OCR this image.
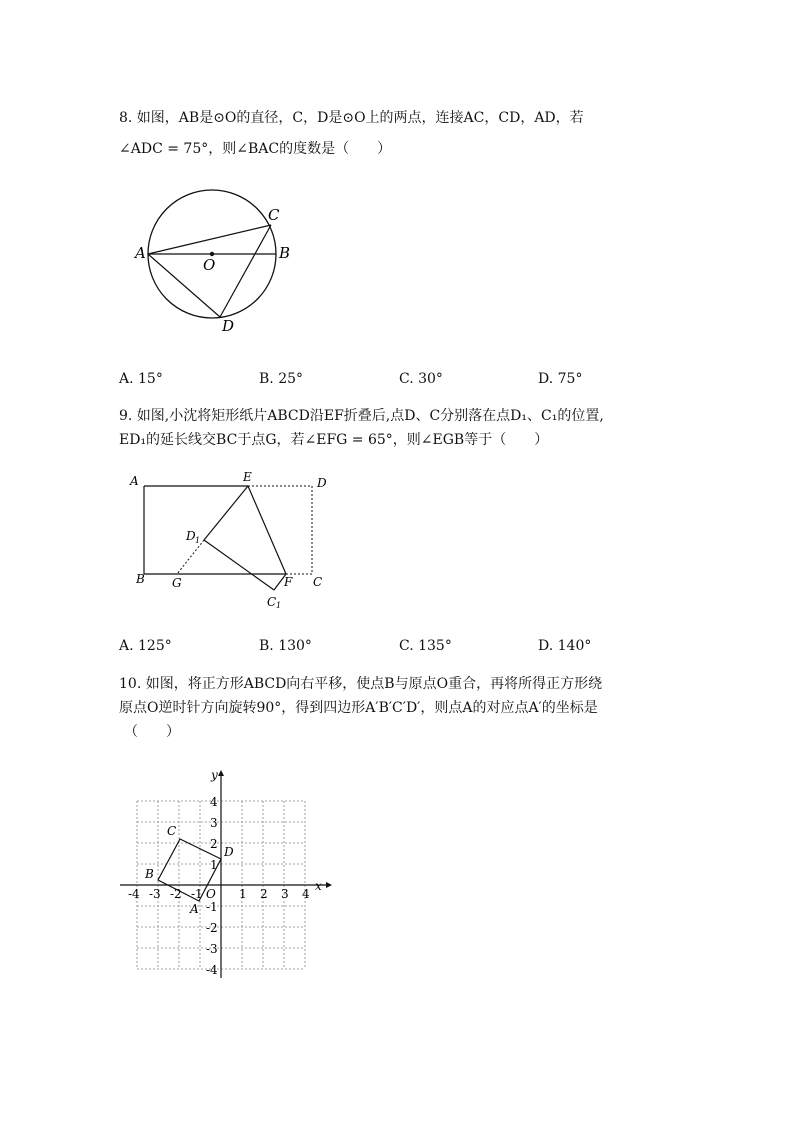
8. 如图，AB是⊙O的直径，C，D是⊙O上的两点，连接AC，CD，AD，若
∠ADC = 75°，则∠BAC的度数是（　　）
A	B
C
D
O
A. 15°	B. 25°	C. 30°	D. 75°
9. 如图,小沈将矩形纸片ABCD沿EF折叠后,点D、C分别落在点D₁、C₁的位置,
ED₁的延长线交BC于点G，若∠EFG = 65°，则∠EGB等于（　　）
A	E	D
B G	F C
D 1
C 1
A. 125°	B. 130°	C. 135°	D. 140°
10. 如图，将正方形ABCD向右平移，使点B与原点O重合，再将所得正方形绕
原点O逆时针方向旋转90°，得到四边形A′B′C′D′，则点A的对应点A′的坐标是
（　　）
x
y
O
-4 -3 -2 -1	1 2 3 4
4
3
2
1
-1
-2
-3
-4
A
B
C
D
